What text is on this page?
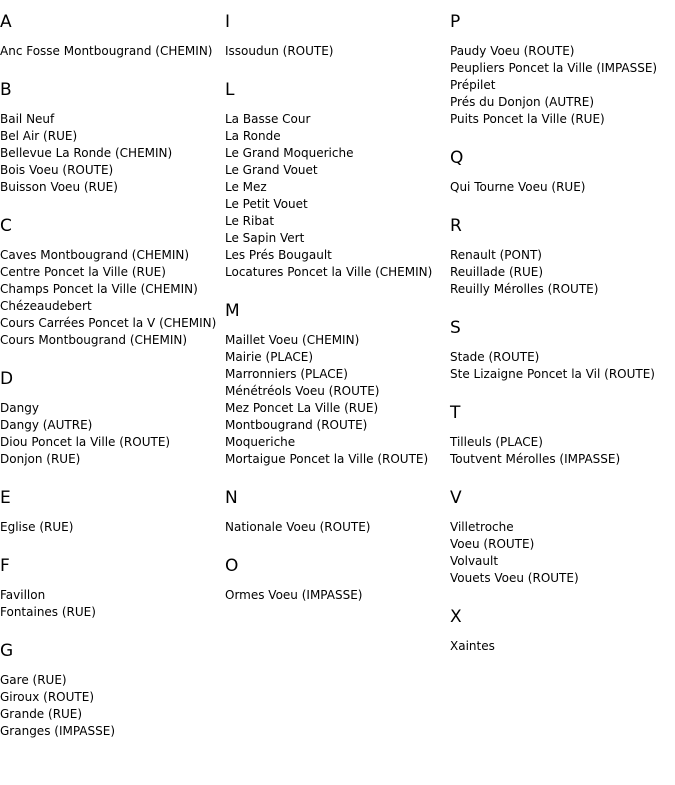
A
Anc Fosse Montbougrand (CHEMIN)
B
Bail Neuf
Bel Air (RUE)
Bellevue La Ronde (CHEMIN)
Bois Voeu (ROUTE)
Buisson Voeu (RUE)
C
Caves Montbougrand (CHEMIN)
Centre Poncet la Ville (RUE)
Champs Poncet la Ville (CHEMIN)
Chézeaudebert
Cours Carrées Poncet la V (CHEMIN)
Cours Montbougrand (CHEMIN)
D
Dangy
Dangy (AUTRE)
Diou Poncet la Ville (ROUTE)
Donjon (RUE)
E
Eglise (RUE)
F
Favillon
Fontaines (RUE)
G
Gare (RUE)
Giroux (ROUTE)
Grande (RUE)
Granges (IMPASSE)
I
Issoudun (ROUTE)
L
La Basse Cour
La Ronde
Le Grand Moqueriche
Le Grand Vouet
Le Mez
Le Petit Vouet
Le Ribat
Le Sapin Vert
Les Prés Bougault
Locatures Poncet la Ville (CHEMIN)
M
Maillet Voeu (CHEMIN)
Mairie (PLACE)
Marronniers (PLACE)
Ménétréols Voeu (ROUTE)
Mez Poncet La Ville (RUE)
Montbougrand (ROUTE)
Moqueriche
Mortaigue Poncet la Ville (ROUTE)
N
Nationale Voeu (ROUTE)
O
Ormes Voeu (IMPASSE)
P
Paudy Voeu (ROUTE)
Peupliers Poncet la Ville (IMPASSE)
Prépilet
Prés du Donjon (AUTRE)
Puits Poncet la Ville (RUE)
Q
Qui Tourne Voeu (RUE)
R
Renault (PONT)
Reuillade (RUE)
Reuilly Mérolles (ROUTE)
S
Stade (ROUTE)
Ste Lizaigne Poncet la Vil (ROUTE)
T
Tilleuls (PLACE)
Toutvent Mérolles (IMPASSE)
V
Villetroche
Voeu (ROUTE)
Volvault
Vouets Voeu (ROUTE)
X
Xaintes
